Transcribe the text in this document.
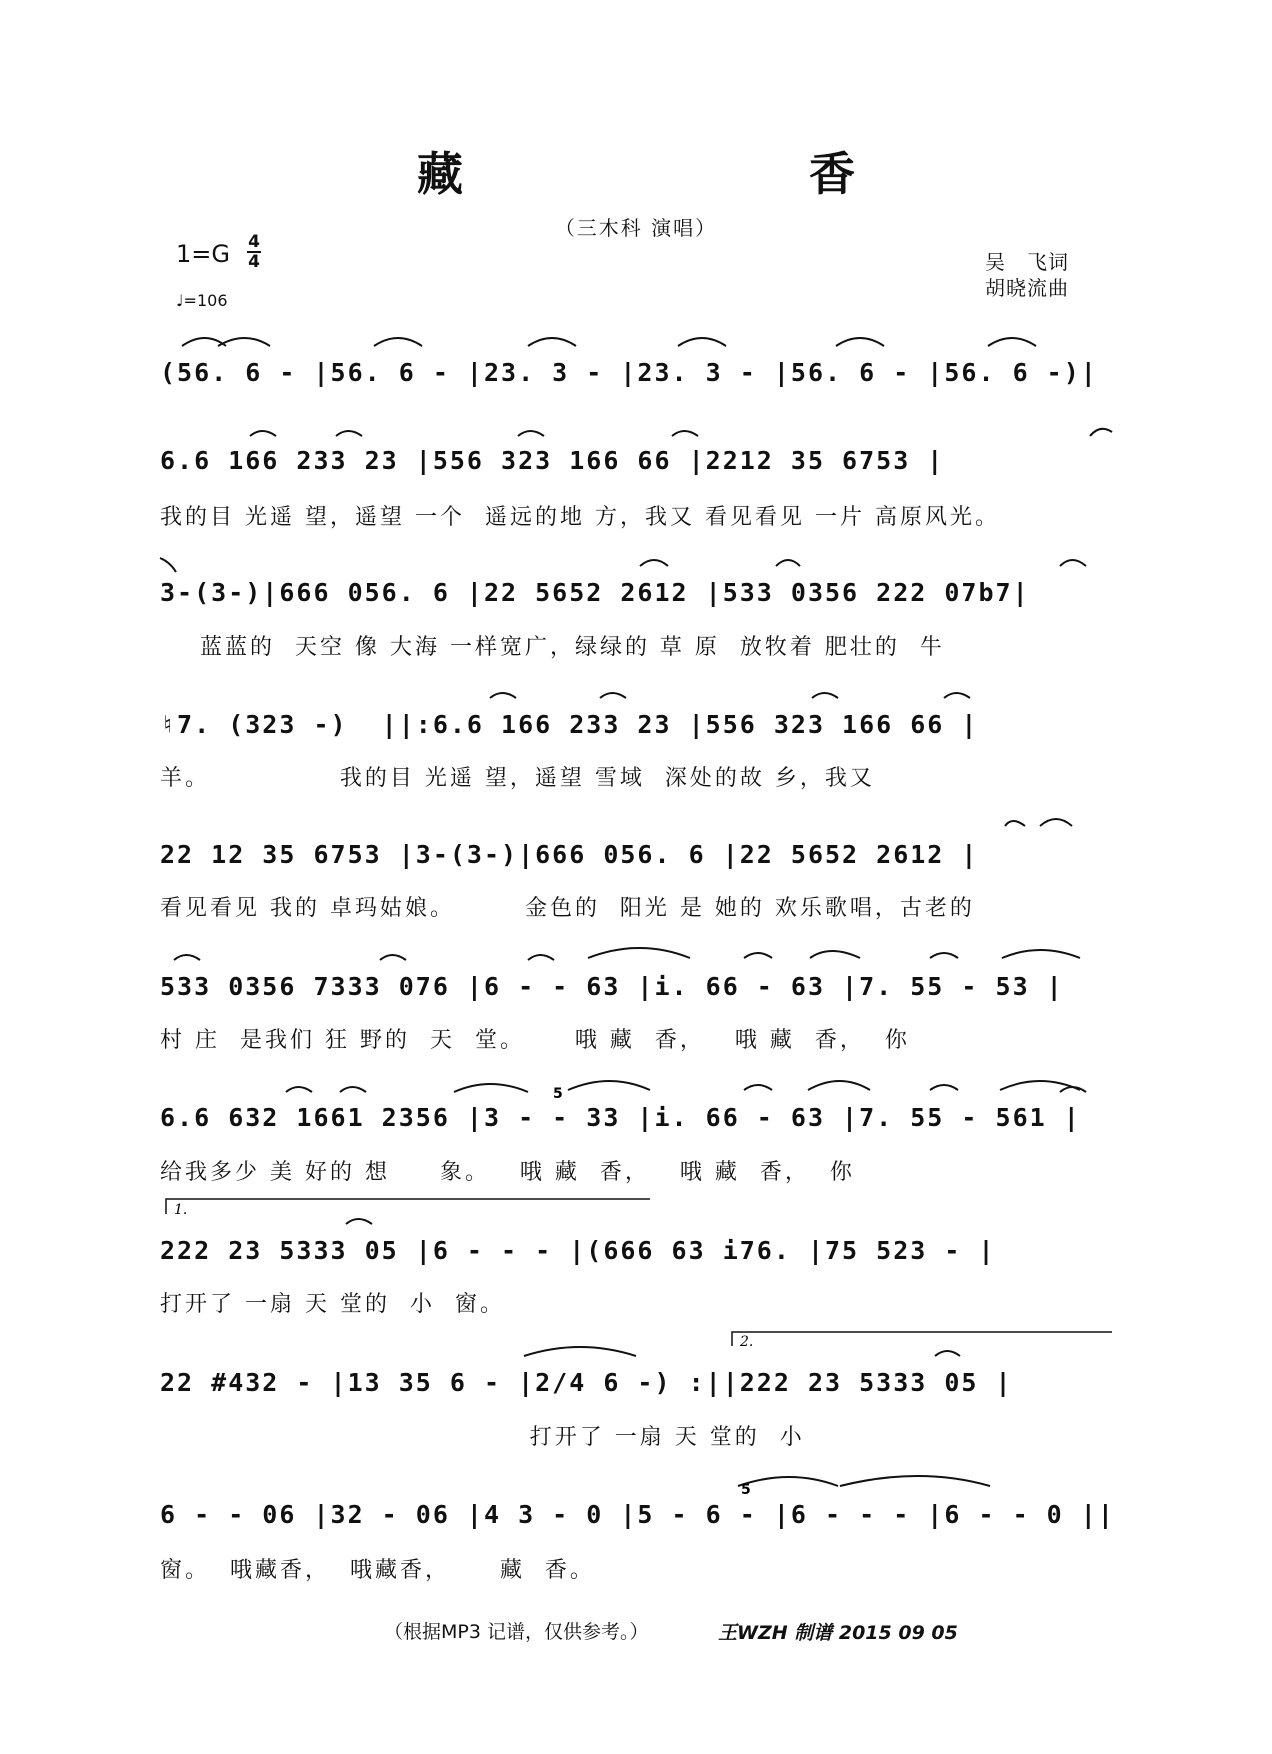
藏　香
（三木科 演唱）
1=G 4
4
♩=106
吴　飞词
胡晓流曲
(56. 6 - |56. 6 - |23. 3 - |23. 3 - |56. 6 - |56. 6 -)|
6.6 166 233 23 |556 323 166 66 |2212 35 6753 |
我的目 光遥 望，遥望 一个  遥远的地 方，我又 看见看见 一片 高原风光。
3-(3-)|666 056. 6 |22 5652 2612 |533 0356 222 07b7|
蓝蓝的  天空 像 大海 一样宽广，绿绿的 草 原  放牧着 肥壮的  牛
♮7. (323 -)  ||:6.6 166 233 23 |556 323 166 66 |
羊。             我的目 光遥 望，遥望 雪域  深处的故 乡，我又
22 12 35 6753 |3-(3-)|666 056. 6 |22 5652 2612 |
看见看见 我的 卓玛姑娘。       金色的  阳光 是 她的 欢乐歌唱，古老的
533 0356 7333 076 |6 - - 63 |i. 66 - 63 |7. 55 - 53 |
村 庄  是我们 狂 野的  天  堂。     哦 藏  香，   哦 藏  香，  你
6.6 632 1661 2356 |3 - - 33 |i. 66 - 63 |7. 55 - 561 |
给我多少 美 好的 想     象。   哦 藏  香，   哦 藏  香，  你
222 23 5333 05 |6 - - - |(666 63 i76. |75 523 - |
打开了 一扇 天 堂的  小  窗。
22 #432 - |13 35 6 - |2/4 6 -) :||222 23 5333 05 |
打开了 一扇 天 堂的  小
6 - - 06 |32 - 06 |4 3 - 0 |5 - 6 - |6 - - - |6 - - 0 ||
窗。  哦藏香，  哦藏香，     藏  香。
（根据MP3 记谱，仅供参考。）	王WZH 制谱 2015 09 05
1.
2.
5
5
